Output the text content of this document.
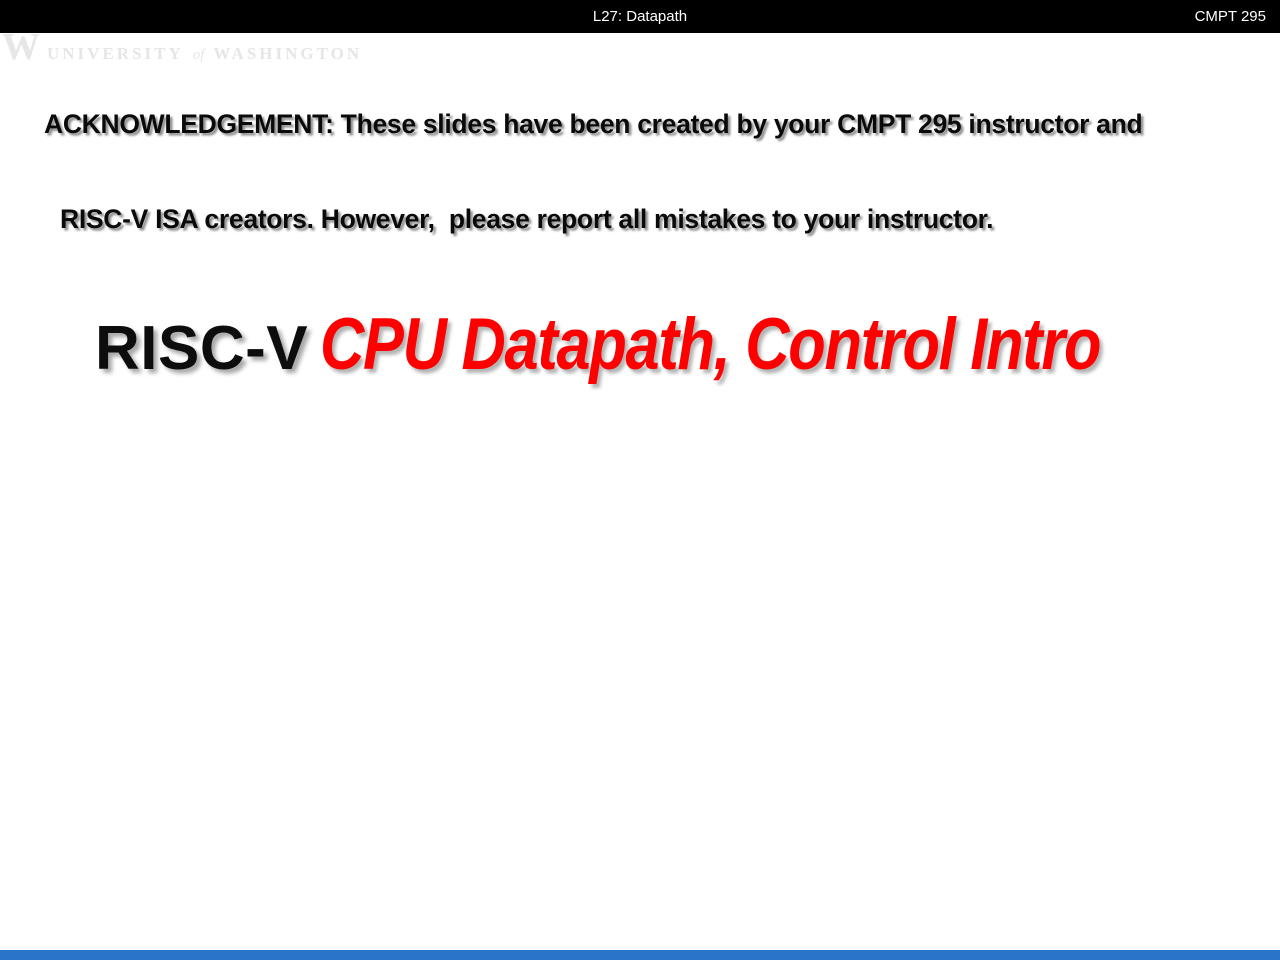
L27: Datapath	CMPT 295
W UNIVERSITY of WASHINGTON

ACKNOWLEDGEMENT: These slides have been created by your CMPT 295 instructor and

RISC-V ISA creators. However,  please report all mistakes to your instructor.

RISC-V CPU Datapath, Control Intro
